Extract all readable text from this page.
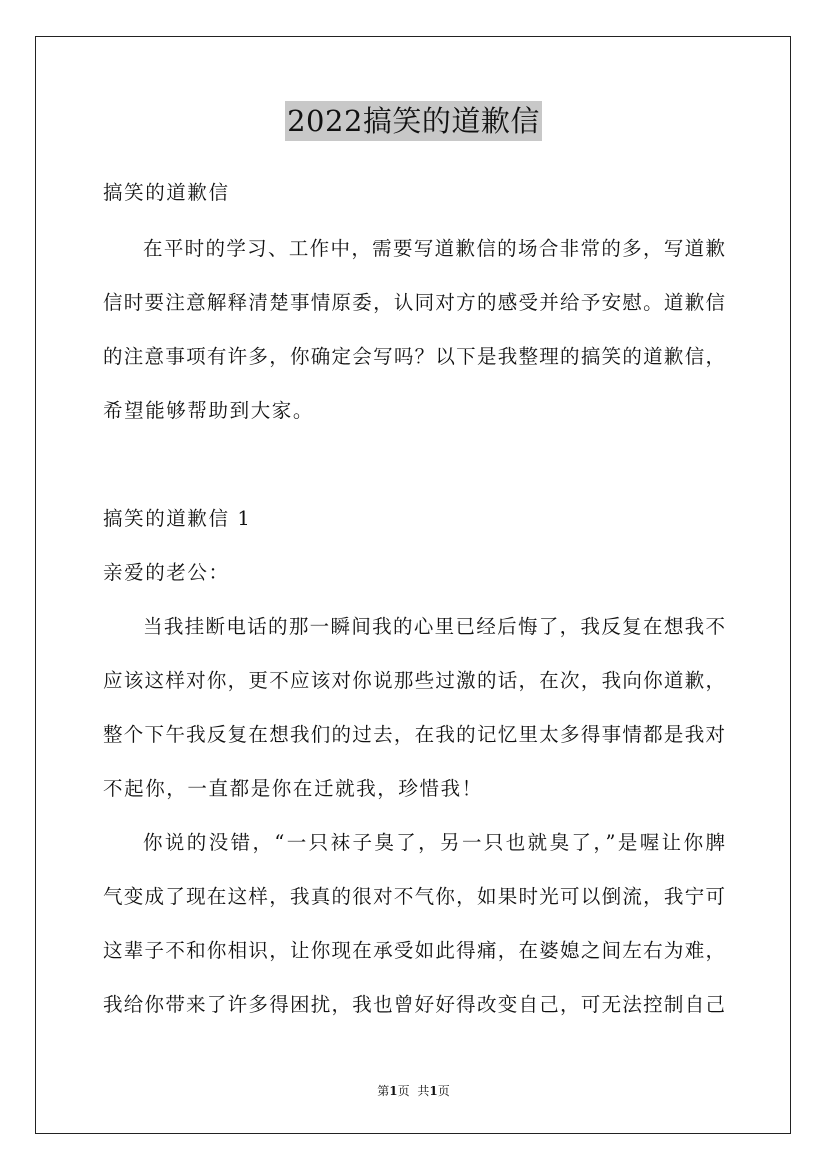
2022搞笑的道歉信
搞笑的道歉信
在平时的学习、工作中，需要写道歉信的场合非常的多，写道歉
信时要注意解释清楚事情原委，认同对方的感受并给予安慰。道歉信
的注意事项有许多，你确定会写吗？以下是我整理的搞笑的道歉信，
希望能够帮助到大家。
搞笑的道歉信 1
亲爱的老公：
当我挂断电话的那一瞬间我的心里已经后悔了，我反复在想我不
应该这样对你，更不应该对你说那些过激的话，在次，我向你道歉，
整个下午我反复在想我们的过去，在我的记忆里太多得事情都是我对
不起你，一直都是你在迁就我，珍惜我！
你说的没错，“一只袜子臭了，另一只也就臭了，”是喔让你脾
气变成了现在这样，我真的很对不气你，如果时光可以倒流，我宁可
这辈子不和你相识，让你现在承受如此得痛，在婆媳之间左右为难，
我给你带来了许多得困扰，我也曾好好得改变自己，可无法控制自己
第1页 共1页
